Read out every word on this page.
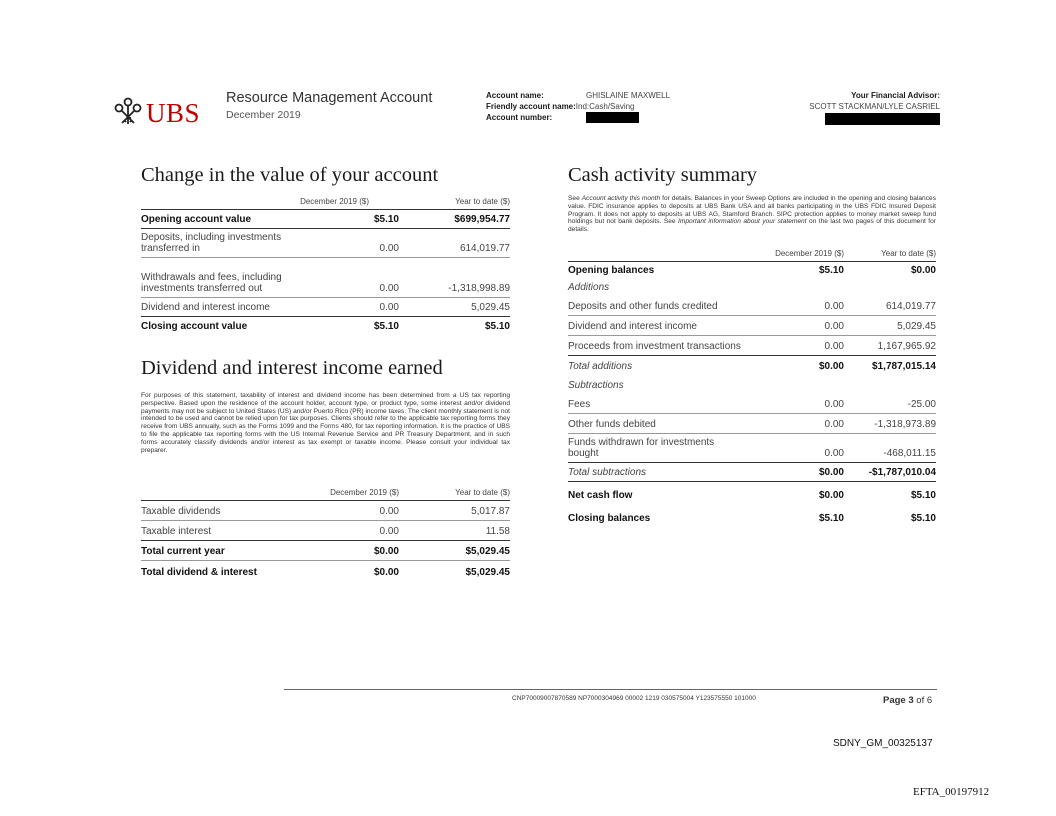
UBS Resource Management Account
December 2019
Account name:	GHISLAINE MAXWELL
Friendly account name:Ind:Cash/Saving
Account number:
Your Financial Advisor:
SCOTT STACKMAN/LYLE CASRIEL
Change in the value of your account
December 2019 ($)	Year to date ($)
Opening account value	$5.10	$699,954.77
Deposits, including investments transferred in	0.00	614,019.77
Withdrawals and fees, including investments transferred out	0.00	-1,318,998.89
Dividend and interest income	0.00	5,029.45
Closing account value	$5.10	$5.10
Dividend and interest income earned
For purposes of this statement, taxability of interest and dividend income has been determined from a US tax reporting perspective. Based upon the residence of the account holder, account type, or product type, some interest and/or dividend payments may not be subject to United States (US) and/or Puerto Rico (PR) income taxes. The client monthly statement is not intended to be used and cannot be relied upon for tax purposes. Clients should refer to the applicable tax reporting forms they receive from UBS annually, such as the Forms 1099 and the Forms 480, for tax reporting information. It is the practice of UBS to file the applicable tax reporting forms with the US Internal Revenue Service and PR Treasury Department, and in such forms accurately classify dividends and/or interest as tax exempt or taxable income. Please consult your individual tax preparer.
December 2019 ($)	Year to date ($)
Taxable dividends	0.00	5,017.87
Taxable interest	0.00	11.58
Total current year	$0.00	$5,029.45
Total dividend & interest	$0.00	$5,029.45
Cash activity summary
See Account activity this month for details. Balances in your Sweep Options are included in the opening and closing balances value. FDIC insurance applies to deposits at UBS Bank USA and all banks participating in the UBS FDIC Insured Deposit Program. It does not apply to deposits at UBS AG, Stamford Branch. SIPC protection applies to money market sweep fund holdings but not bank deposits. See Important information about your statement on the last two pages of this document for details.
December 2019 ($)	Year to date ($)
Opening balances	$5.10	$0.00
Additions
Deposits and other funds credited	0.00	614,019.77
Dividend and interest income	0.00	5,029.45
Proceeds from investment transactions	0.00	1,167,965.92
Total additions	$0.00	$1,787,015.14
Subtractions
Fees	0.00	-25.00
Other funds debited	0.00	-1,318,973.89
Funds withdrawn for investments bought	0.00	-468,011.15
Total subtractions	$0.00 -$1,787,010.04
Net cash flow	$0.00	$5.10
Closing balances	$5.10	$5.10
CNP70009007870589 NP7000304969 00002 1219 030575004 Y123575550 101000	Page 3 of 6
SDNY_GM_00325137
EFTA_00197912
